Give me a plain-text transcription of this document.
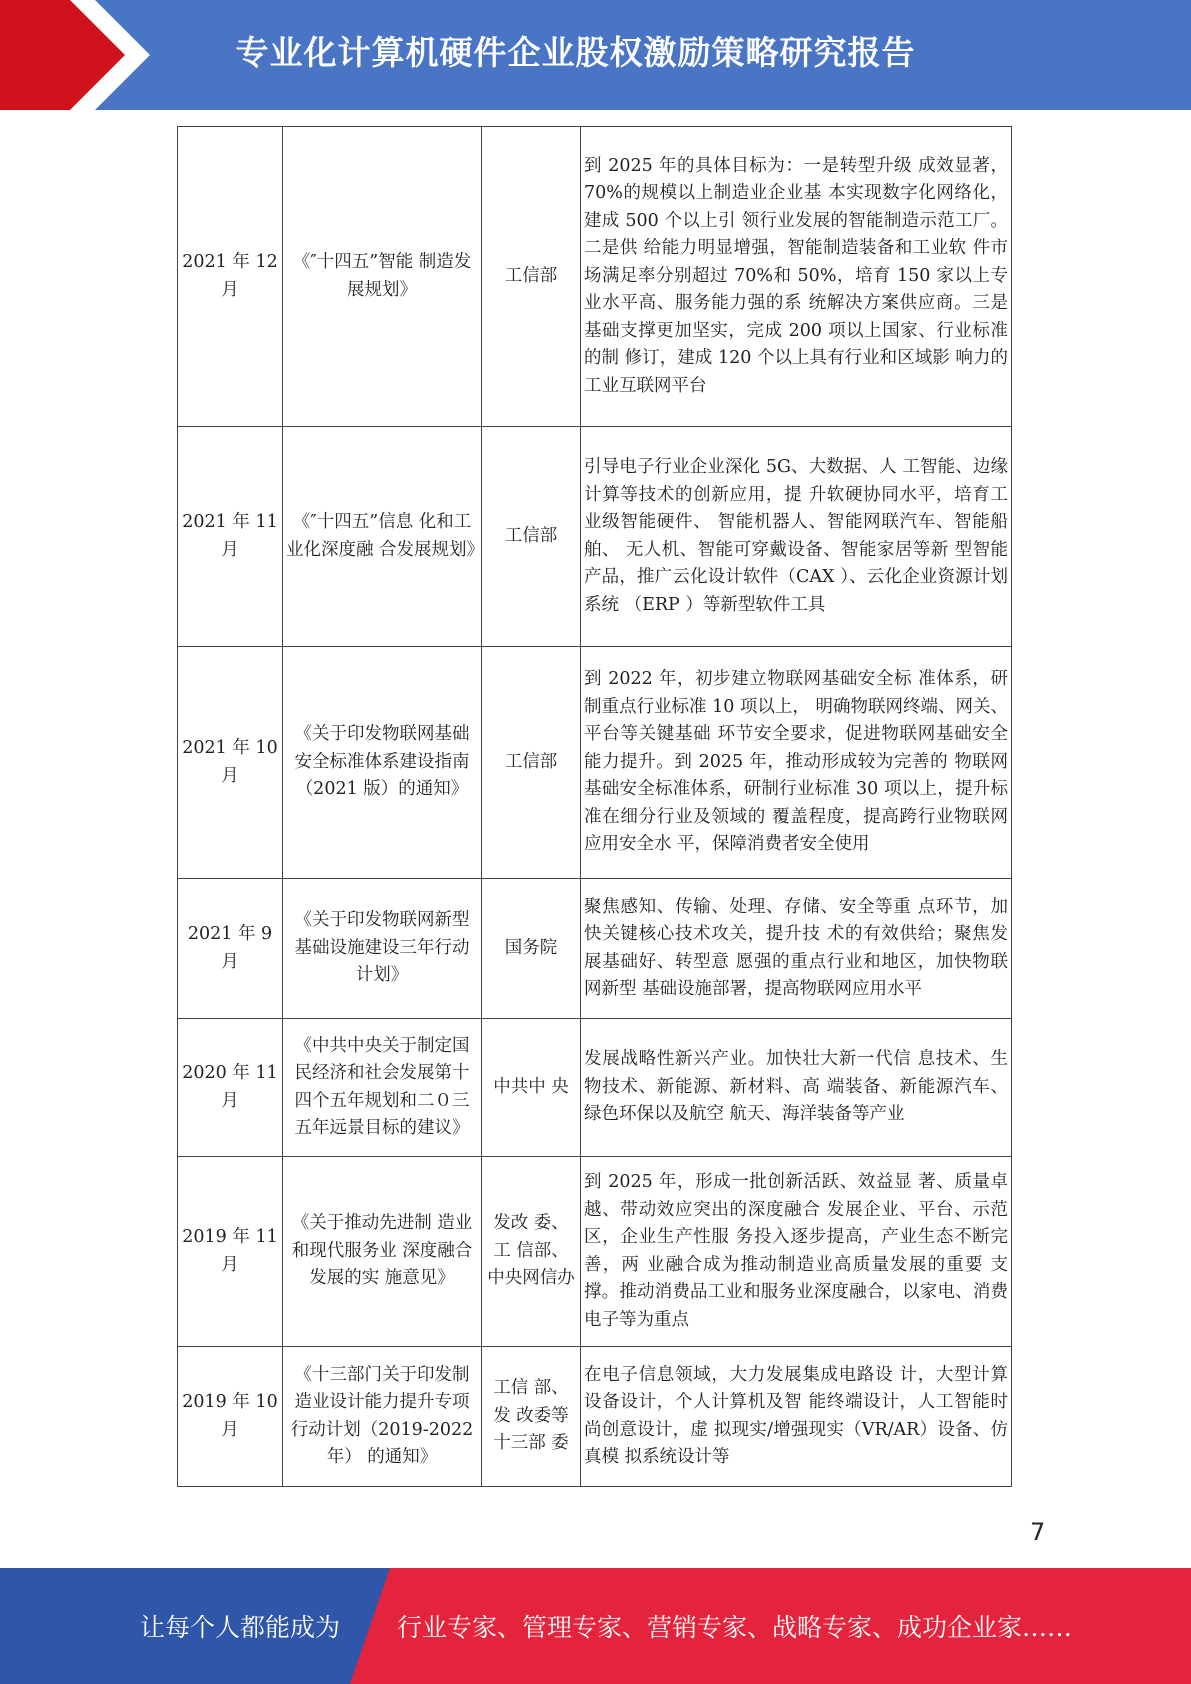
专业化计算机硬件企业股权激励策略研究报告
2021 年 12 月	《″十四五”智能 制造发展规划》	工信部	到 2025 年的具体目标为：一是转型升级 成效显著，70%的规模以上制造业企业基 本实现数字化网络化，建成 500 个以上引 领行业发展的智能制造示范工厂。二是供 给能力明显增强，智能制造装备和工业软 件市场满足率分别超过 70%和 50%，培育 150 家以上专业水平高、服务能力强的系 统解决方案供应商。三是基础支撑更加坚实，完成 200 项以上国家、行业标准的制 修订，建成 120 个以上具有行业和区域影 响力的工业互联网平台
2021 年 11 月	《″十四五”信息 化和工业化深度融 合发展规划》	工信部	引导电子行业企业深化 5G、大数据、人 工智能、边缘计算等技术的创新应用，提 升软硬协同水平，培育工业级智能硬件、 智能机器人、智能网联汽车、智能船舶、 无人机、智能可穿戴设备、智能家居等新 型智能产品，推广云化设计软件（CAX ）、云化企业资源计划系统 （ERP ）等新型软件工具
2021 年 10 月	《关于印发物联网基础安全标准体系建设指南（2021 版）的通知》	工信部	到 2022 年，初步建立物联网基础安全标 准体系，研制重点行业标准 10 项以上， 明确物联网终端、网关、平台等关键基础 环节安全要求，促进物联网基础安全能力提升。到 2025 年，推动形成较为完善的 物联网基础安全标准体系，研制行业标准 30 项以上，提升标准在细分行业及领域的 覆盖程度，提高跨行业物联网应用安全水 平，保障消费者安全使用
2021 年 9 月	《关于印发物联网新型基础设施建设三年行动计划》	国务院	聚焦感知、传输、处理、存储、安全等重 点环节，加快关键核心技术攻关，提升技 术的有效供给；聚焦发展基础好、转型意 愿强的重点行业和地区，加快物联网新型 基础设施部署，提高物联网应用水平
2020 年 11 月	《中共中央关于制定国民经济和社会发展第十四个五年规划和二０三五年远景目标的建议》	中共中 央	发展战略性新兴产业。加快壮大新一代信 息技术、生物技术、新能源、新材料、高 端装备、新能源汽车、绿色环保以及航空 航天、海洋装备等产业
2019 年 11 月	《关于推动先进制 造业和现代服务业 深度融合发展的实 施意见》	发改 委、工 信部、中央网信办	到 2025 年，形成一批创新活跃、效益显 著、质量卓越、带动效应突出的深度融合 发展企业、平台、示范区，企业生产性服 务投入逐步提高，产业生态不断完善，两 业融合成为推动制造业高质量发展的重要 支撑。推动消费品工业和服务业深度融合，以家电、消费电子等为重点
2019 年 10 月	《十三部门关于印发制造业设计能力提升专项行动计划（2019-2022 年） 的通知》	工信 部、发 改委等十三部 委	在电子信息领域，大力发展集成电路设 计，大型计算设备设计，个人计算机及智 能终端设计，人工智能时尚创意设计，虚 拟现实/增强现实（VR/AR）设备、仿真模 拟系统设计等
7
让每个人都能成为 行业专家、管理专家、营销专家、战略专家、成功企业家……
